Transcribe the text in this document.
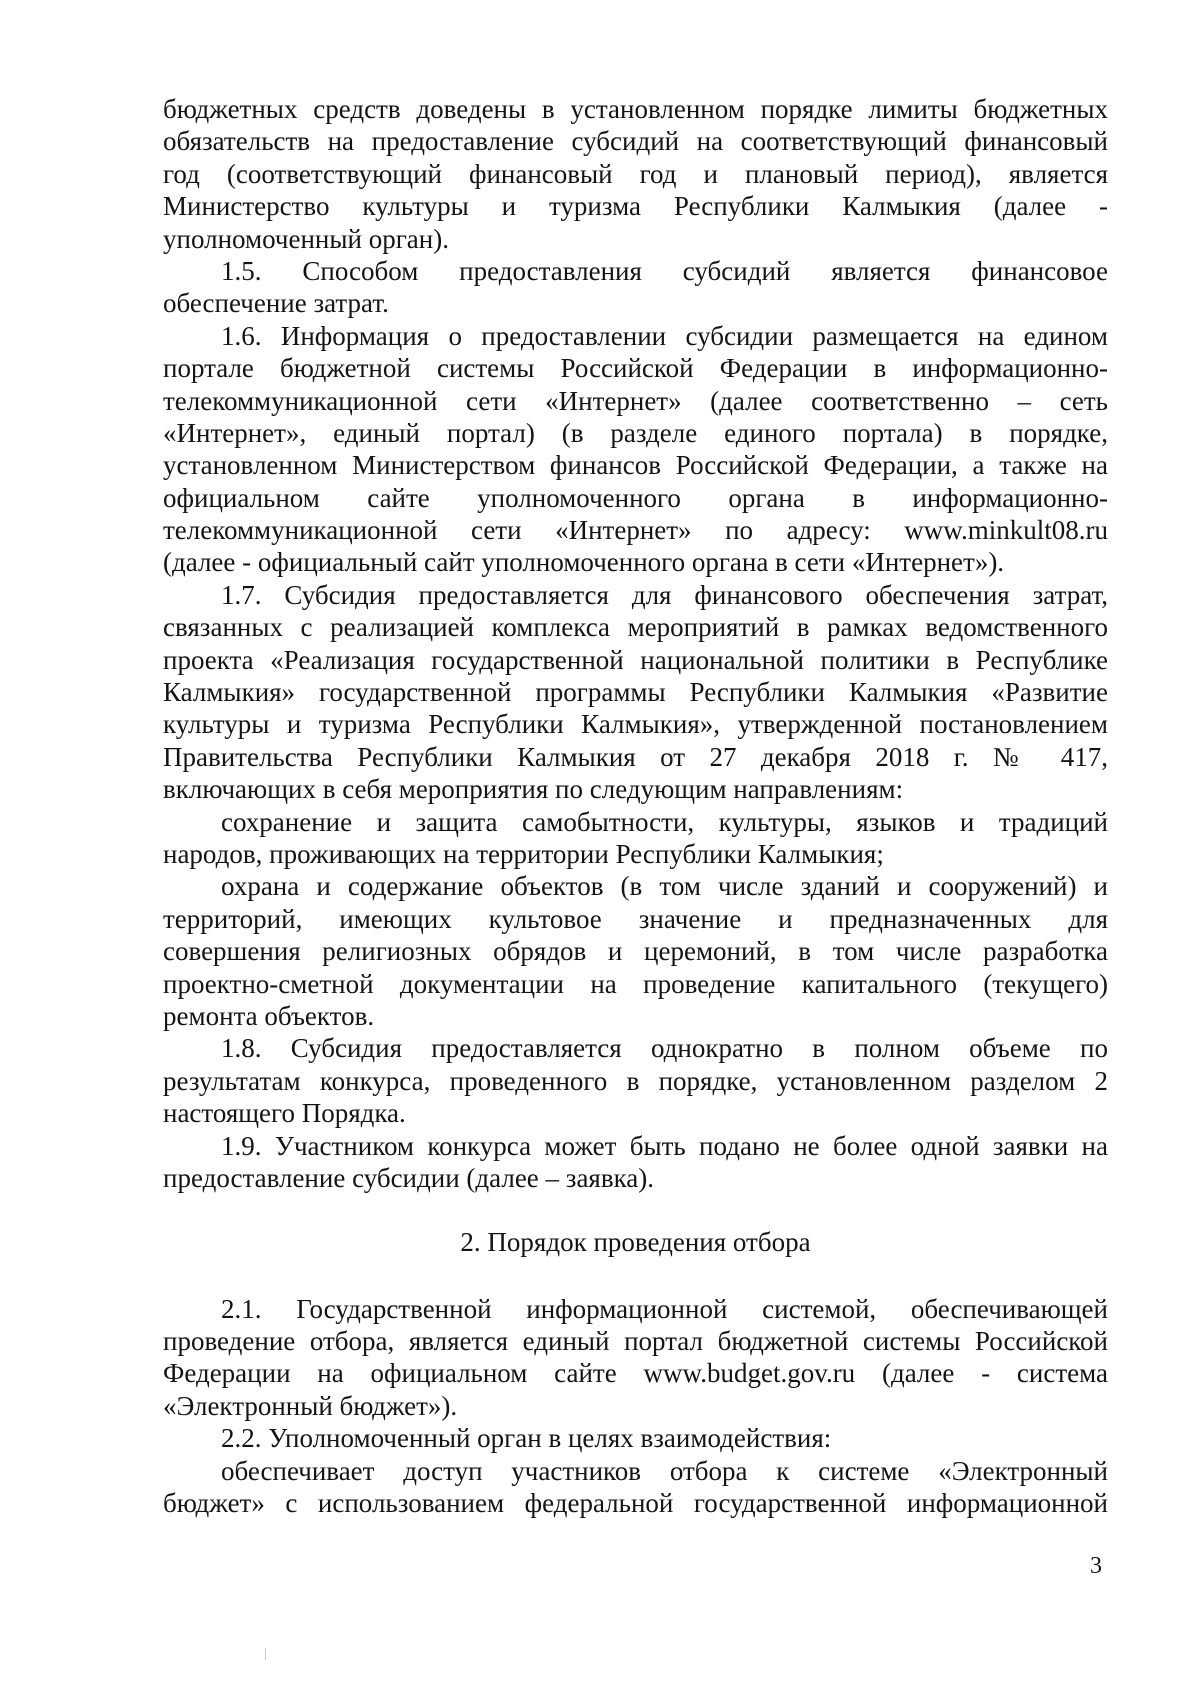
бюджетных средств доведены в установленном порядке лимиты бюджетных
обязательств на предоставление субсидий на соответствующий финансовый
год (соответствующий финансовый год и плановый период), является
Министерство культуры и туризма Республики Калмыкия (далее -
уполномоченный орган).
1.5. Способом предоставления субсидий является финансовое
обеспечение затрат.
1.6. Информация о предоставлении субсидии размещается на едином
портале бюджетной системы Российской Федерации в информационно-
телекоммуникационной сети «Интернет» (далее соответственно – сеть
«Интернет», единый портал) (в разделе единого портала) в порядке,
установленном Министерством финансов Российской Федерации, а также на
официальном сайте уполномоченного органа в информационно-
телекоммуникационной сети «Интернет» по адресу: www.minkult08.ru
(далее - официальный сайт уполномоченного органа в сети «Интернет»).
1.7. Субсидия предоставляется для финансового обеспечения затрат,
связанных с реализацией комплекса мероприятий в рамках ведомственного
проекта «Реализация государственной национальной политики в Республике
Калмыкия» государственной программы Республики Калмыкия «Развитие
культуры и туризма Республики Калмыкия», утвержденной постановлением
Правительства Республики Калмыкия от 27 декабря 2018 г. № 417,
включающих в себя мероприятия по следующим направлениям:
сохранение и защита самобытности, культуры, языков и традиций
народов, проживающих на территории Республики Калмыкия;
охрана и содержание объектов (в том числе зданий и сооружений) и
территорий, имеющих культовое значение и предназначенных для
совершения религиозных обрядов и церемоний, в том числе разработка
проектно-сметной документации на проведение капитального (текущего)
ремонта объектов.
1.8. Субсидия предоставляется однократно в полном объеме по
результатам конкурса, проведенного в порядке, установленном разделом 2
настоящего Порядка.
1.9. Участником конкурса может быть подано не более одной заявки на
предоставление субсидии (далее – заявка).
2. Порядок проведения отбора
2.1. Государственной информационной системой, обеспечивающей
проведение отбора, является единый портал бюджетной системы Российской
Федерации на официальном сайте www.budget.gov.ru (далее - система
«Электронный бюджет»).
2.2. Уполномоченный орган в целях взаимодействия:
обеспечивает доступ участников отбора к системе «Электронный
бюджет» с использованием федеральной государственной информационной
3
